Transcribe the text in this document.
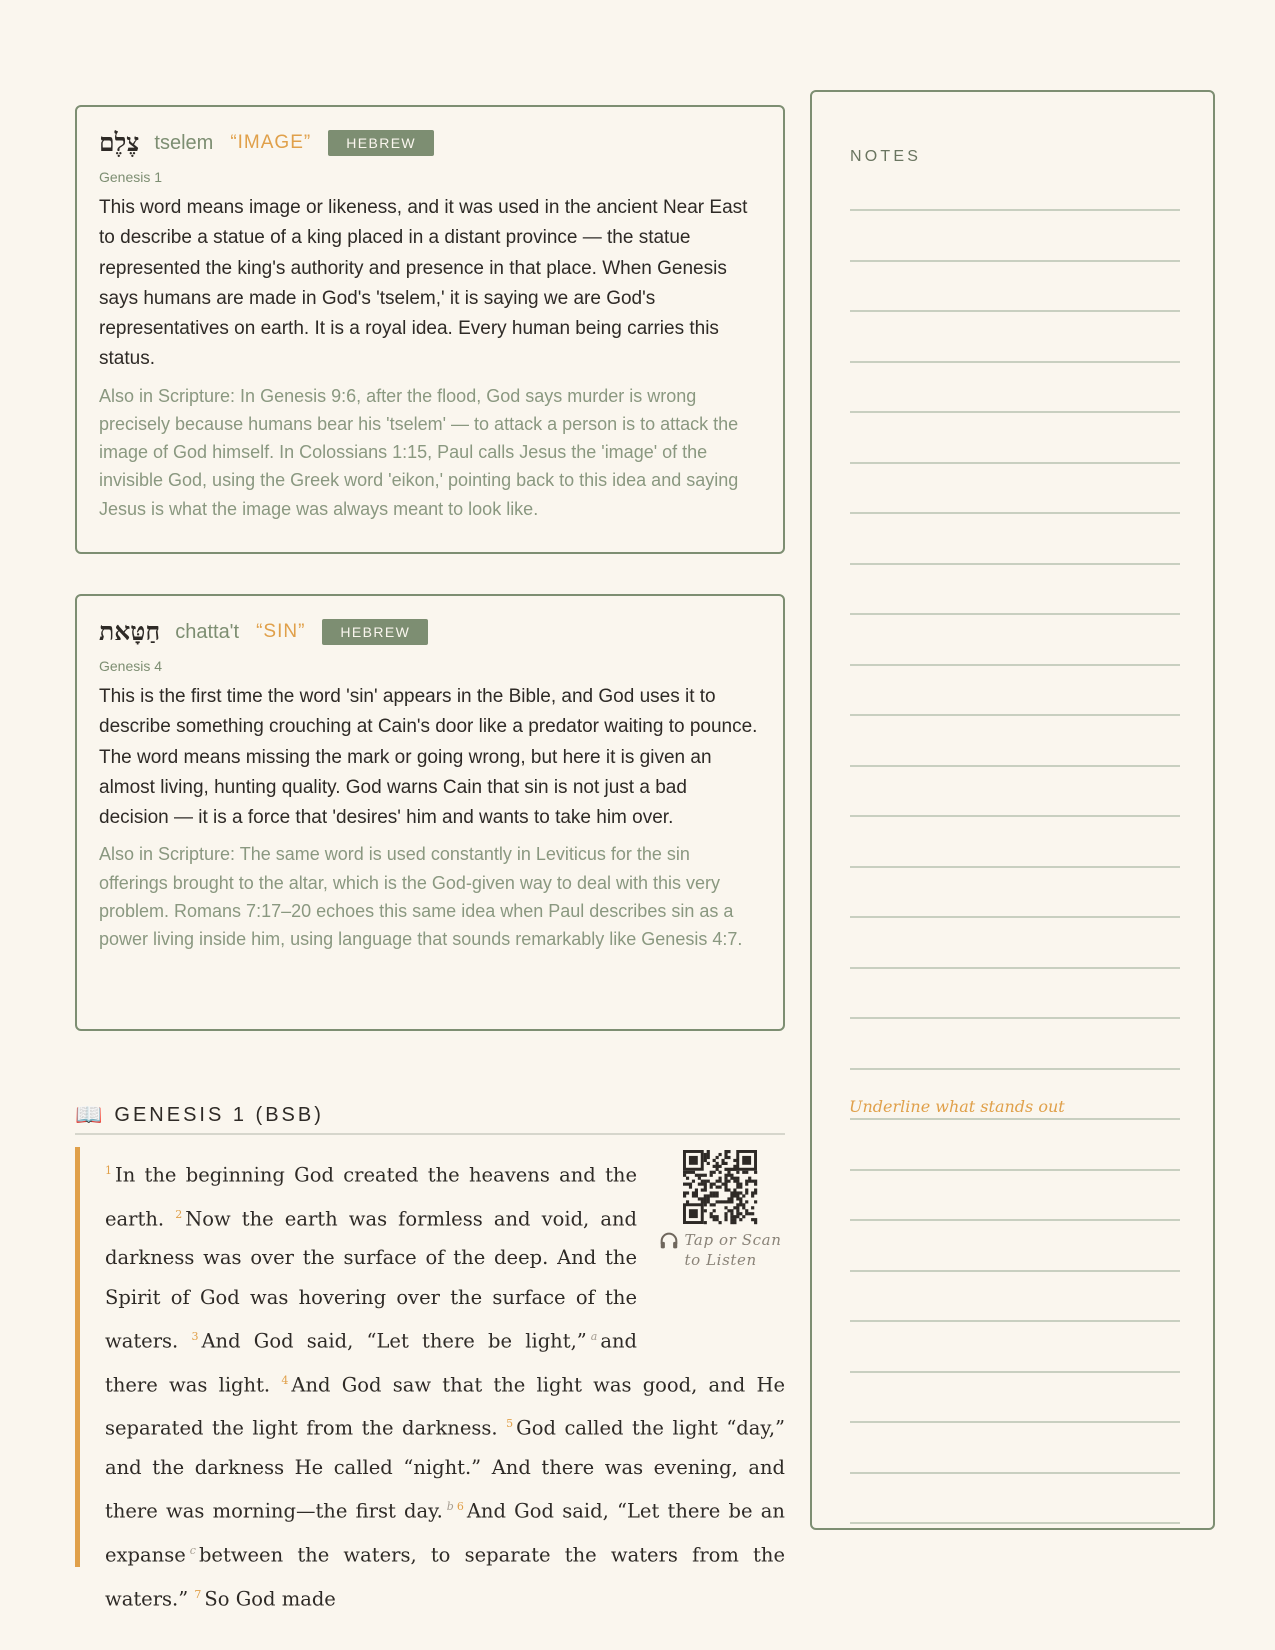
צֶלֶם tselem “IMAGE”	HEBREW
Genesis 1
This word means image or likeness, and it was used in the ancient Near East to describe a statue of a king placed in a distant province — the statue represented the king's authority and presence in that place. When Genesis says humans are made in God's 'tselem,' it is saying we are God's representatives on earth. It is a royal idea. Every human being carries this status.
Also in Scripture: In Genesis 9:6, after the flood, God says murder is wrong precisely because humans bear his 'tselem' — to attack a person is to attack the image of God himself. In Colossians 1:15, Paul calls Jesus the 'image' of the invisible God, using the Greek word 'eikon,' pointing back to this idea and saying Jesus is what the image was always meant to look like.
חַטָּאת chatta't “SIN”	HEBREW
Genesis 4
This is the first time the word 'sin' appears in the Bible, and God uses it to describe something crouching at Cain's door like a predator waiting to pounce. The word means missing the mark or going wrong, but here it is given an almost living, hunting quality. God warns Cain that sin is not just a bad decision — it is a force that 'desires' him and wants to take him over.
Also in Scripture: The same word is used constantly in Leviticus for the sin offerings brought to the altar, which is the God-given way to deal with this very problem. Romans 7:17–20 echoes this same idea when Paul describes sin as a power living inside him, using language that sounds remarkably like Genesis 4:7.
NOTES
Underline what stands out
📖 GENESIS 1 (BSB)
Tap or Scan
to Listen
$^1$ In the beginning God created the heavens and the earth. $^2$ Now the earth was formless and void, and darkness was over the surface of the deep. And the Spirit of God was hovering over the surface of the waters. $^3$ And God said, “Let there be light,” $^a$ and there was light. $^4$ And God saw that the light was good, and He separated the light from the darkness. $^5$ God called the light “day,” and the darkness He called “night.” And there was evening, and there was morning—the first day. $^b$ $^6$ And God said, “Let there be an expanse $^c$ between the waters, to separate the waters from the waters.” $^7$ So God made
